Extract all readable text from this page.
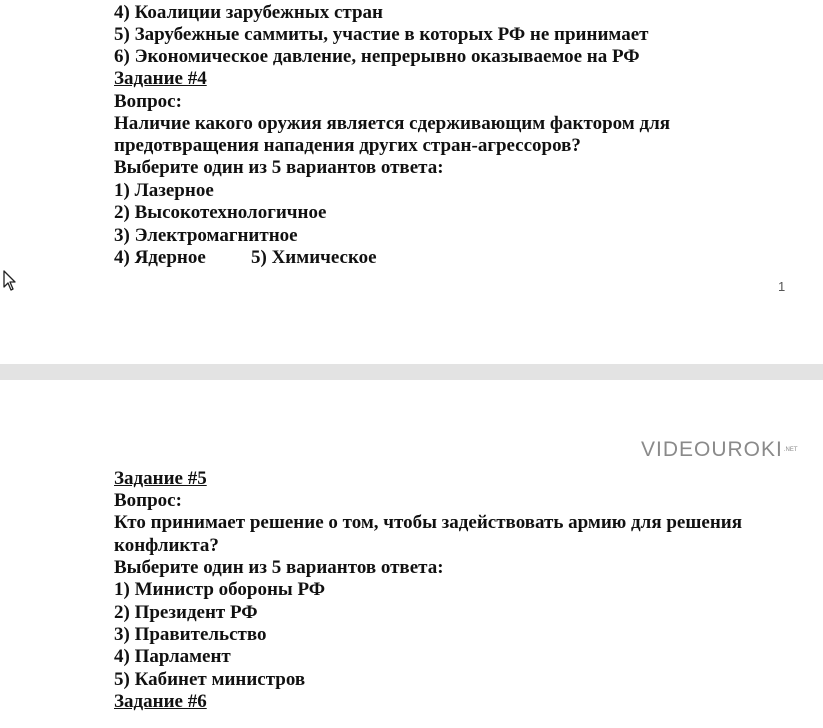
4) Коалиции зарубежных стран

5) Зарубежные саммиты, участие в которых РФ не принимает

6) Экономическое давление, непрерывно оказываемое на РФ

Задание #4

Вопрос:

Наличие какого оружия является сдерживающим фактором для

предотвращения нападения других стран-агрессоров?

Выберите один из 5 вариантов ответа:

1) Лазерное

2) Высокотехнологичное

3) Электромагнитное

4) Ядерное 5) Химическое

1
VIDEOUROKI.NET

Задание #5

Вопрос:

Кто принимает решение о том, чтобы задействовать армию для решения

конфликта?

Выберите один из 5 вариантов ответа:

1) Министр обороны РФ

2) Президент РФ

3) Правительство

4) Парламент

5) Кабинет министров

Задание #6
